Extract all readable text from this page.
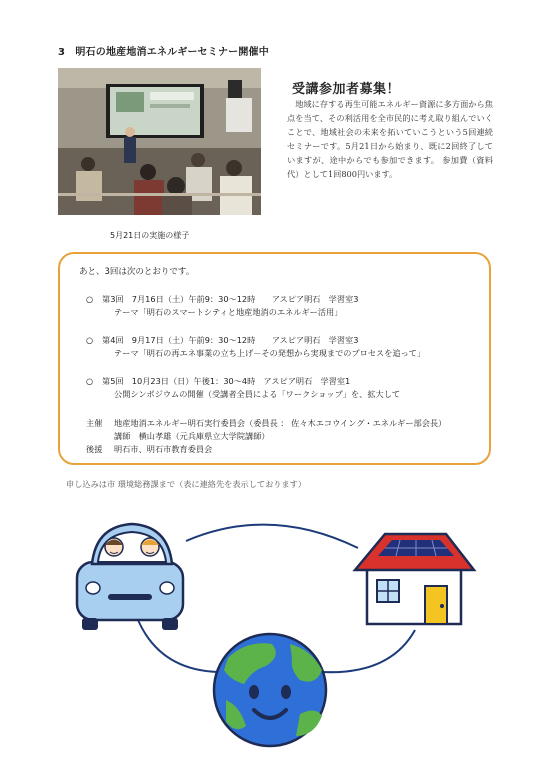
3　明石の地産地消エネルギーセミナー開催中
5月21日の実施の様子
受講参加者募集！
地域に存する再生可能エネルギー資源に多方面から焦点を当て、その利活用を全市民的に考え取り組んでいくことで、地域社会の未来を拓いていこうという5回連続セミナーです。5月21日から始まり、既に2回終了していますが、途中からでも参加できます。 参加費（資料代）として1回800円います。
あと、3回は次のとおりです。
○ 第3回　7月16日（土）午前9：30～12時　　アスピア明石　学習室3
テーマ「明石のスマートシティと地産地消のエネルギー活用」
○ 第4回　9月17日（土）午前9：30～12時　　アスピア明石　学習室3
テーマ「明石の再エネ事業の立ち上げ－その発想から実現までのプロセスを追って」
○ 第5回　10月23日（日）午後1：30～4時　アスピア明石　学習室1
公開シンポジウムの開催（受講者全員による「ワークショップ」を、拡大して
主催 地産地消エネルギー明石実行委員会（委員長 ： 佐々木エコウイング・エネルギー部会長）
講師　横山孝雄（元兵庫県立大学院講師）
後援 明石市、明石市教育委員会
申し込みは市 環境総務課まで（表に連絡先を表示しております）
